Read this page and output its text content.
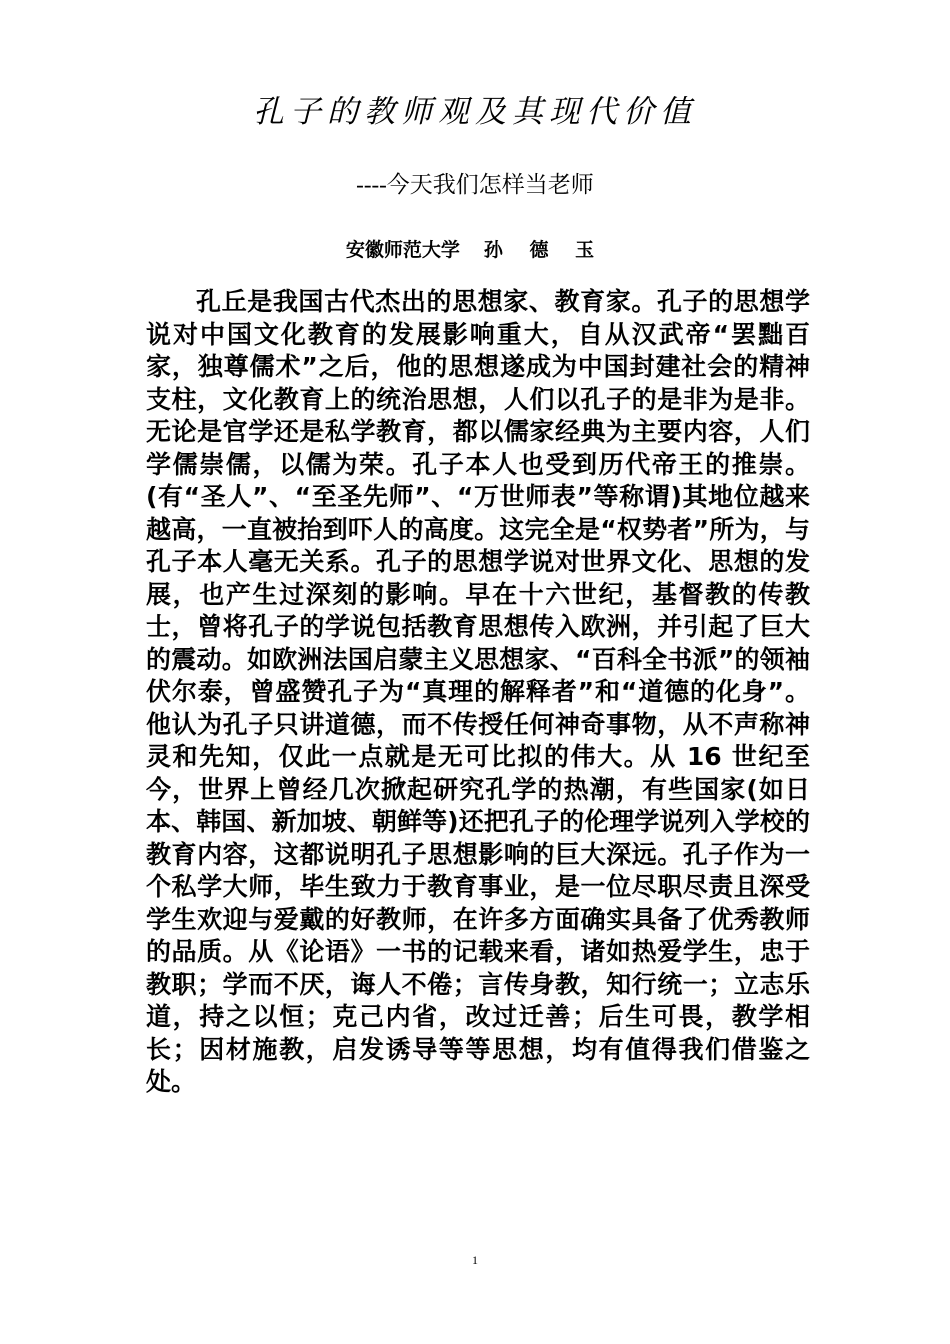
孔子的教师观及其现代价值
----今天我们怎样当老师
安徽师范大学 孙 德 玉

孔丘是我国古代杰出的思想家、教育家。孔子的思想学说对中国文化教育的发展影响重大，自从汉武帝“罢黜百家，独尊儒术”之后，他的思想遂成为中国封建社会的精神支柱，文化教育上的统治思想，人们以孔子的是非为是非。无论是官学还是私学教育，都以儒家经典为主要内容，人们学儒崇儒，以儒为荣。孔子本人也受到历代帝王的推崇。(有“圣人”、“至圣先师”、“万世师表”等称谓)其地位越来越高，一直被抬到吓人的高度。这完全是“权势者”所为，与孔子本人毫无关系。孔子的思想学说对世界文化、思想的发展，也产生过深刻的影响。早在十六世纪，基督教的传教士，曾将孔子的学说包括教育思想传入欧洲，并引起了巨大的震动。如欧洲法国启蒙主义思想家、“百科全书派”的领袖伏尔泰，曾盛赞孔子为“真理的解释者”和“道德的化身”。他认为孔子只讲道德，而不传授任何神奇事物，从不声称神灵和先知，仅此一点就是无可比拟的伟大。从 16 世纪至今，世界上曾经几次掀起研究孔学的热潮，有些国家(如日本、韩国、新加坡、朝鲜等)还把孔子的伦理学说列入学校的教育内容，这都说明孔子思想影响的巨大深远。孔子作为一个私学大师，毕生致力于教育事业，是一位尽职尽责且深受学生欢迎与爱戴的好教师，在许多方面确实具备了优秀教师的品质。从《论语》一书的记载来看，诸如热爱学生，忠于教职；学而不厌，诲人不倦；言传身教，知行统一；立志乐道，持之以恒；克己内省，改过迁善；后生可畏，教学相长；因材施教，启发诱导等等思想，均有值得我们借鉴之处。

1
